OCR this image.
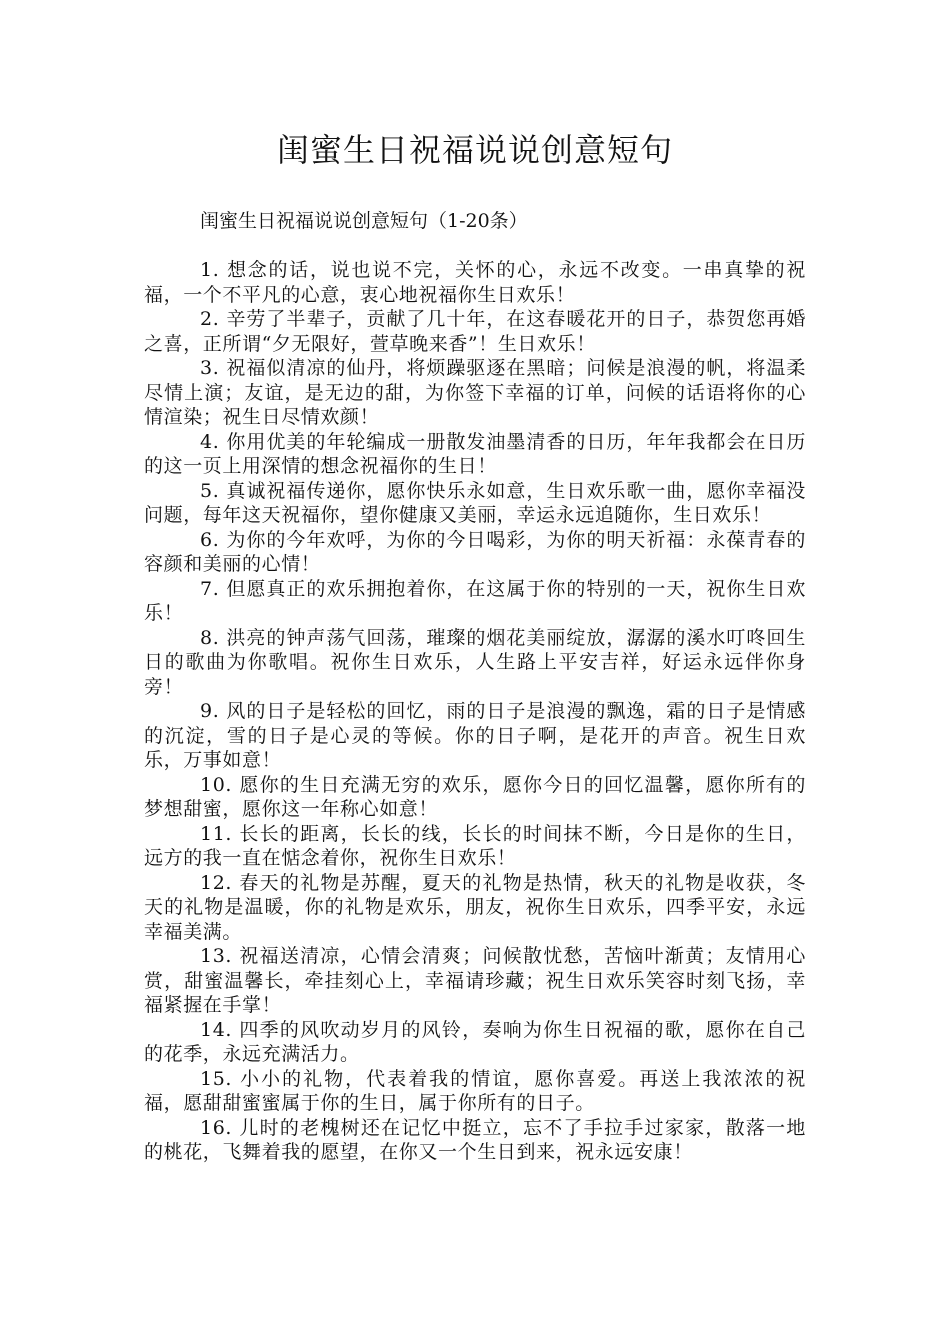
闺蜜生日祝福说说创意短句

闺蜜生日祝福说说创意短句（1-20条）

1. 想念的话，说也说不完，关怀的心，永远不改变。一串真挚的祝福，一个不平凡的心意，衷心地祝福你生日欢乐！

2. 辛劳了半辈子，贡献了几十年，在这春暖花开的日子，恭贺您再婚之喜，正所谓“夕无限好，萱草晚来香”！生日欢乐！

3. 祝福似清凉的仙丹，将烦躁驱逐在黑暗；问候是浪漫的帆，将温柔尽情上演；友谊，是无边的甜，为你签下幸福的订单，问候的话语将你的心情渲染；祝生日尽情欢颜！

4. 你用优美的年轮编成一册散发油墨清香的日历，年年我都会在日历的这一页上用深情的想念祝福你的生日！

5. 真诚祝福传递你，愿你快乐永如意，生日欢乐歌一曲，愿你幸福没问题，每年这天祝福你，望你健康又美丽，幸运永远追随你，生日欢乐！

6. 为你的今年欢呼，为你的今日喝彩，为你的明天祈福：永葆青春的容颜和美丽的心情！

7. 但愿真正的欢乐拥抱着你，在这属于你的特别的一天，祝你生日欢乐！

8. 洪亮的钟声荡气回荡，璀璨的烟花美丽绽放，潺潺的溪水叮咚回生日的歌曲为你歌唱。祝你生日欢乐，人生路上平安吉祥，好运永远伴你身旁！

9. 风的日子是轻松的回忆，雨的日子是浪漫的飘逸，霜的日子是情感的沉淀，雪的日子是心灵的等候。你的日子啊，是花开的声音。祝生日欢乐，万事如意！

10. 愿你的生日充满无穷的欢乐，愿你今日的回忆温馨，愿你所有的梦想甜蜜，愿你这一年称心如意！

11. 长长的距离，长长的线，长长的时间抹不断，今日是你的生日，远方的我一直在惦念着你，祝你生日欢乐！

12. 春天的礼物是苏醒，夏天的礼物是热情，秋天的礼物是收获，冬天的礼物是温暖，你的礼物是欢乐，朋友，祝你生日欢乐，四季平安，永远幸福美满。

13. 祝福送清凉，心情会清爽；问候散忧愁，苦恼叶渐黄；友情用心赏，甜蜜温馨长，牵挂刻心上，幸福请珍藏；祝生日欢乐笑容时刻飞扬，幸福紧握在手掌！

14. 四季的风吹动岁月的风铃，奏响为你生日祝福的歌，愿你在自己的花季，永远充满活力。

15. 小小的礼物，代表着我的情谊，愿你喜爱。再送上我浓浓的祝福，愿甜甜蜜蜜属于你的生日，属于你所有的日子。

16. 儿时的老槐树还在记忆中挺立，忘不了手拉手过家家，散落一地的桃花，飞舞着我的愿望，在你又一个生日到来，祝永远安康！
